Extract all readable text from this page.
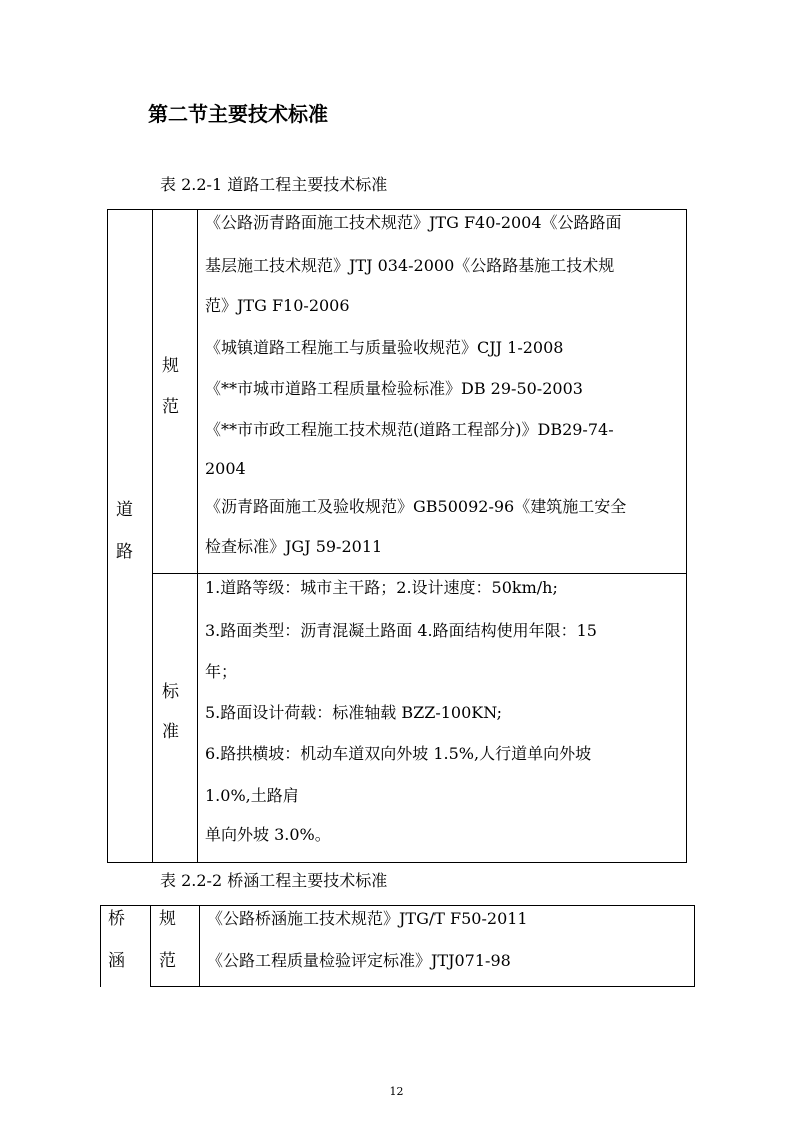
第二节主要技术标准
表 2.2-1 道路工程主要技术标准
道
路
规
范
《公路沥青路面施工技术规范》JTG F40-2004《公路路面
基层施工技术规范》JTJ 034-2000《公路路基施工技术规
范》JTG F10-2006
《城镇道路工程施工与质量验收规范》CJJ 1-2008
《**市城市道路工程质量检验标准》DB 29-50-2003
《**市市政工程施工技术规范(道路工程部分)》DB29-74-
2004
《沥青路面施工及验收规范》GB50092-96《建筑施工安全
检查标准》JGJ 59-2011
标
准
1.道路等级：城市主干路；2.设计速度：50km/h;
3.路面类型：沥青混凝土路面 4.路面结构使用年限：15
年；
5.路面设计荷载：标准轴载 BZZ-100KN;
6.路拱横坡：机动车道双向外坡 1.5%,人行道单向外坡
1.0%,土路肩
单向外坡 3.0%。
表 2.2-2 桥涵工程主要技术标准
桥
涵
规
范
《公路桥涵施工技术规范》JTG/T F50-2011
《公路工程质量检验评定标准》JTJ071-98
12
